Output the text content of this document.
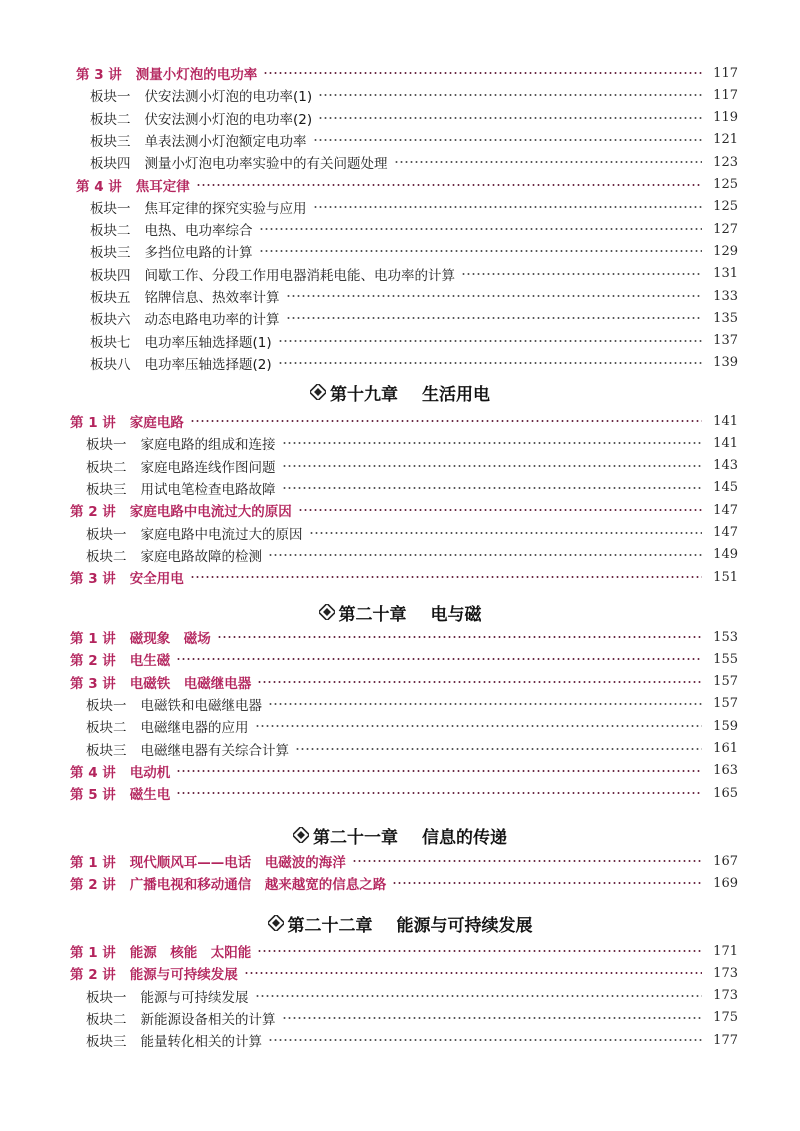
第 3 讲 测量小灯泡的电功率	117
板块一 伏安法测小灯泡的电功率(1)	117
板块二 伏安法测小灯泡的电功率(2)	119
板块三 单表法测小灯泡额定电功率	121
板块四 测量小灯泡电功率实验中的有关问题处理	123
第 4 讲 焦耳定律	125
板块一 焦耳定律的探究实验与应用	125
板块二 电热、电功率综合	127
板块三 多挡位电路的计算	129
板块四 间歇工作、分段工作用电器消耗电能、电功率的计算	131
板块五 铭牌信息、热效率计算	133
板块六 动态电路电功率的计算	135
板块七 电功率压轴选择题(1)	137
板块八 电功率压轴选择题(2)	139
第十九章 生活用电
第 1 讲 家庭电路	141
板块一 家庭电路的组成和连接	141
板块二 家庭电路连线作图问题	143
板块三 用试电笔检查电路故障	145
第 2 讲 家庭电路中电流过大的原因	147
板块一 家庭电路中电流过大的原因	147
板块二 家庭电路故障的检测	149
第 3 讲 安全用电	151
第二十章 电与磁
第 1 讲 磁现象　磁场	153
第 2 讲 电生磁	155
第 3 讲 电磁铁　电磁继电器	157
板块一 电磁铁和电磁继电器	157
板块二 电磁继电器的应用	159
板块三 电磁继电器有关综合计算	161
第 4 讲 电动机	163
第 5 讲 磁生电	165
第二十一章 信息的传递
第 1 讲 现代顺风耳——电话　电磁波的海洋	167
第 2 讲 广播电视和移动通信　越来越宽的信息之路	169
第二十二章 能源与可持续发展
第 1 讲 能源　核能　太阳能	171
第 2 讲 能源与可持续发展	173
板块一 能源与可持续发展	173
板块二 新能源设备相关的计算	175
板块三 能量转化相关的计算	177
